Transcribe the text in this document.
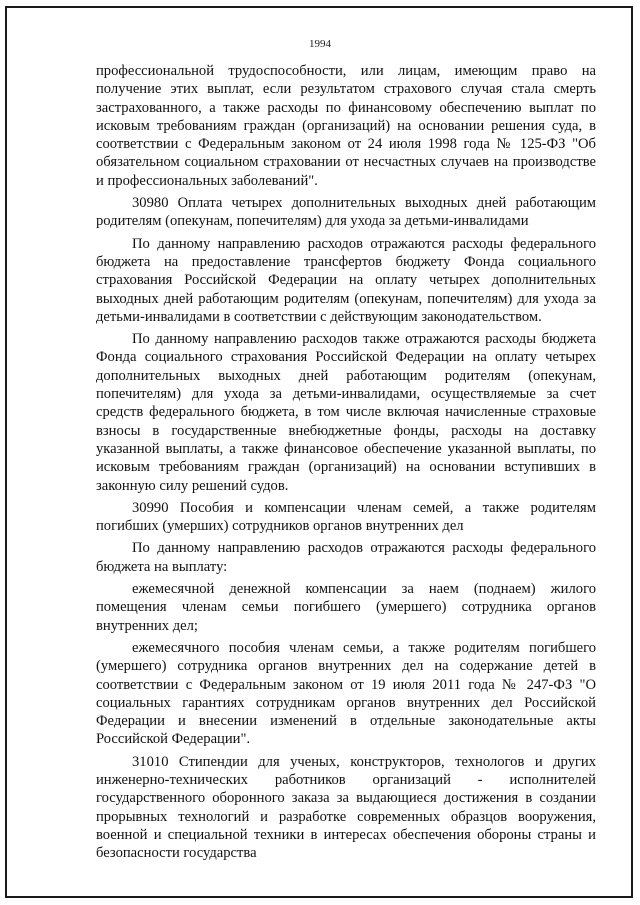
1994

профессиональной трудоспособности, или лицам, имеющим право на получение этих выплат, если результатом страхового случая стала смерть застрахованного, а также расходы по финансовому обеспечению выплат по исковым требованиям граждан (организаций) на основании решения суда, в соответствии с Федеральным законом от 24 июля 1998 года № 125-ФЗ "Об обязательном социальном страховании от несчастных случаев на производстве и профессиональных заболеваний".

30980 Оплата четырех дополнительных выходных дней работающим родителям (опекунам, попечителям) для ухода за детьми-инвалидами

По данному направлению расходов отражаются расходы федерального бюджета на предоставление трансфертов бюджету Фонда социального страхования Российской Федерации на оплату четырех дополнительных выходных дней работающим родителям (опекунам, попечителям) для ухода за детьми-инвалидами в соответствии с действующим законодательством.

По данному направлению расходов также отражаются расходы бюджета Фонда социального страхования Российской Федерации на оплату четырех дополнительных выходных дней работающим родителям (опекунам, попечителям) для ухода за детьми-инвалидами, осуществляемые за счет средств федерального бюджета, в том числе включая начисленные страховые взносы в государственные внебюджетные фонды, расходы на доставку указанной выплаты, а также финансовое обеспечение указанной выплаты, по исковым требованиям граждан (организаций) на основании вступивших в законную силу решений судов.

30990 Пособия и компенсации членам семей, а также родителям погибших (умерших) сотрудников органов внутренних дел

По данному направлению расходов отражаются расходы федерального бюджета на выплату:

ежемесячной денежной компенсации за наем (поднаем) жилого помещения членам семьи погибшего (умершего) сотрудника органов внутренних дел;

ежемесячного пособия членам семьи, а также родителям погибшего (умершего) сотрудника органов внутренних дел на содержание детей в соответствии с Федеральным законом от 19 июля 2011 года № 247-ФЗ "О социальных гарантиях сотрудникам органов внутренних дел Российской Федерации и внесении изменений в отдельные законодательные акты Российской Федерации".

31010 Стипендии для ученых, конструкторов, технологов и других инженерно-технических работников организаций - исполнителей государственного оборонного заказа за выдающиеся достижения в создании прорывных технологий и разработке современных образцов вооружения, военной и специальной техники в интересах обеспечения обороны страны и безопасности государства
